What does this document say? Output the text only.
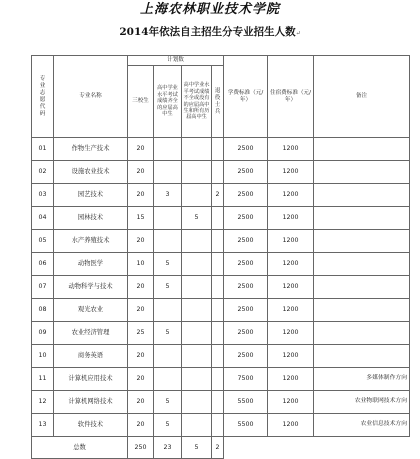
上海农林职业技术学院
2014年依法自主招生分专业招生人数↵
专业志愿代码	专业名称	计划数				学费标准（元/年）	住宿费标准（元/年）	备注
		三校生	高中学业水平考试成绩齐全的应届高中生	高中学业水平考试成绩不全或没有的应届高中生和所有历届高中生	退役士兵			
01	作物生产技术	20				2500	1200	
02	设施农业技术	20				2500	1200	
03	园艺技术	20	3		2	2500	1200	
04	园林技术	15		5		2500	1200	
05	水产养殖技术	20				2500	1200	
06	动物医学	10	5			2500	1200	
07	动物科学与技术	20	5			2500	1200	
08	观光农业	20				2500	1200	
09	农业经济管理	25	5			2500	1200	
10	商务英语	20				2500	1200	
11	计算机应用技术	20				7500	1200	多媒体制作方向
12	计算机网络技术	20	5			5500	1200	农业物联网技术方向
13	软件技术	20	5			5500	1200	农业信息技术方向
总数		250	23	5	2			
